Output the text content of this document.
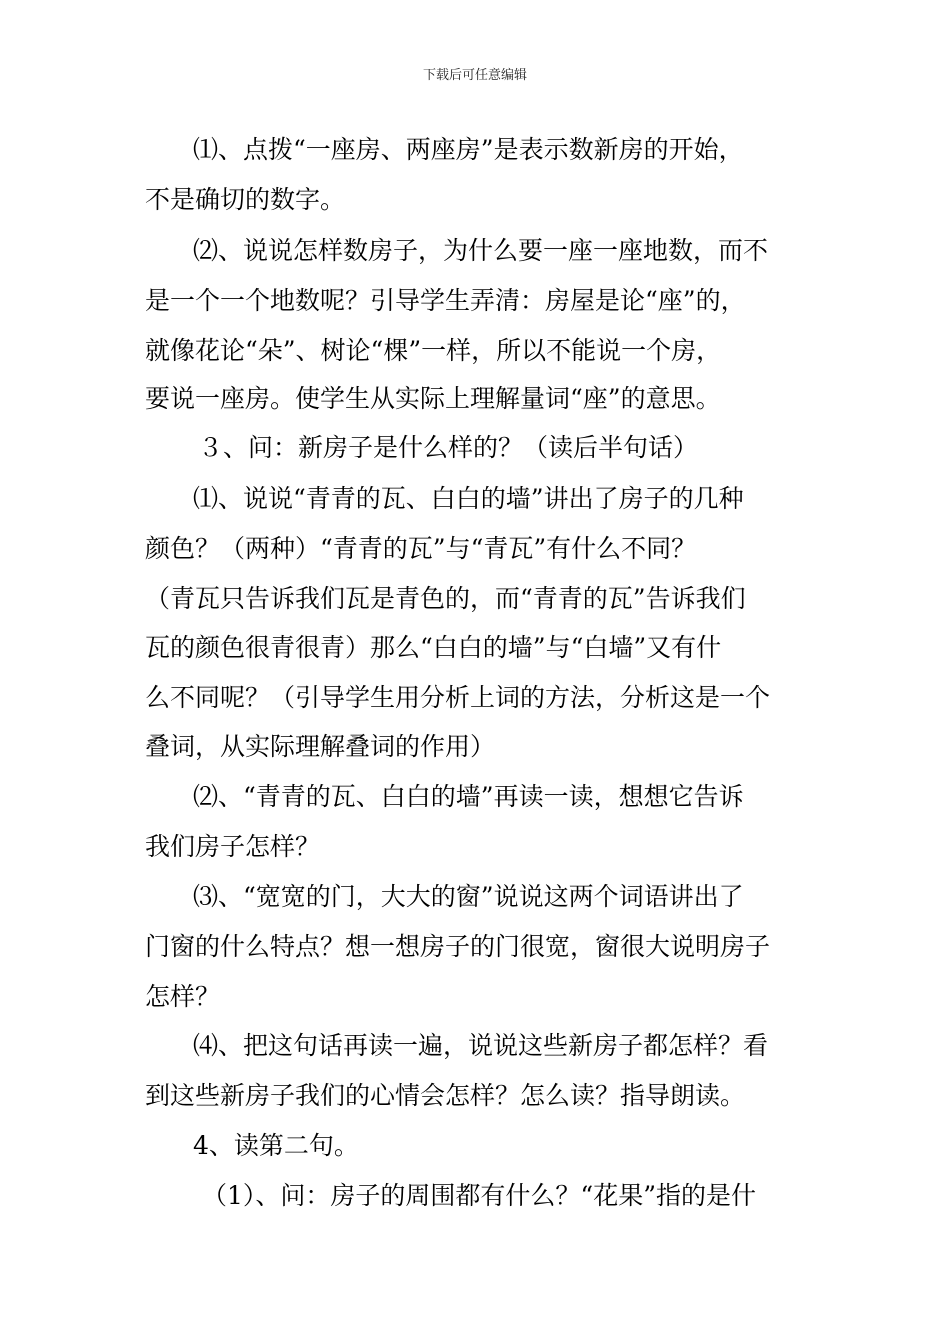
下载后可任意编辑
⑴、点拨“一座房、两座房”是表示数新房的开始，
不是确切的数字。
⑵、说说怎样数房子，为什么要一座一座地数，而不
是一个一个地数呢？引导学生弄清：房屋是论“座”的，
就像花论“朵”、树论“棵”一样，所以不能说一个房，
要说一座房。使学生从实际上理解量词“座”的意思。
３、问：新房子是什么样的？（读后半句话）
⑴、说说“青青的瓦、白白的墙”讲出了房子的几种
颜色？（两种）“青青的瓦”与“青瓦”有什么不同？
（青瓦只告诉我们瓦是青色的，而“青青的瓦”告诉我们
瓦的颜色很青很青）那么“白白的墙”与“白墙”又有什
么不同呢？（引导学生用分析上词的方法，分析这是一个
叠词，从实际理解叠词的作用）
⑵、“青青的瓦、白白的墙”再读一读，想想它告诉
我们房子怎样？
⑶、“宽宽的门，大大的窗”说说这两个词语讲出了
门窗的什么特点？想一想房子的门很宽，窗很大说明房子
怎样？
⑷、把这句话再读一遍，说说这些新房子都怎样？看
到这些新房子我们的心情会怎样？怎么读？指导朗读。
4、读第二句。
（1）、问：房子的周围都有什么？“花果”指的是什
